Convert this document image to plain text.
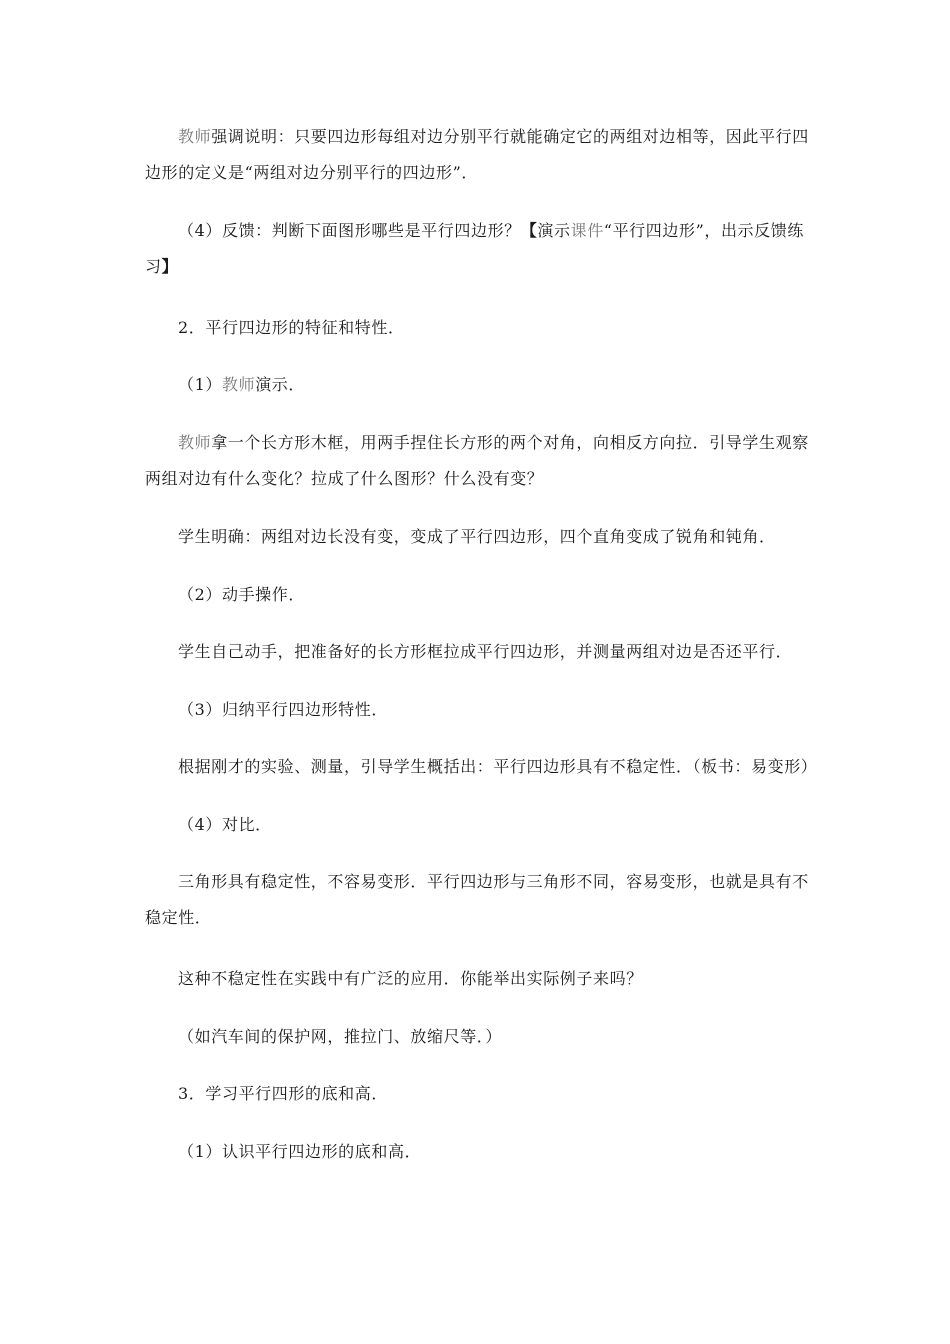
教师强调说明：只要四边形每组对边分别平行就能确定它的两组对边相等，因此平行四边形的定义是“两组对边分别平行的四边形”．

（4）反馈：判断下面图形哪些是平行四边形？【演示课件“平行四边形”，出示反馈练习】

2．平行四边形的特征和特性．

（1）教师演示．

教师拿一个长方形木框，用两手捏住长方形的两个对角，向相反方向拉．引导学生观察两组对边有什么变化？拉成了什么图形？什么没有变？

学生明确：两组对边长没有变，变成了平行四边形，四个直角变成了锐角和钝角．

（2）动手操作．

学生自己动手，把准备好的长方形框拉成平行四边形，并测量两组对边是否还平行．

（3）归纳平行四边形特性．

根据刚才的实验、测量，引导学生概括出：平行四边形具有不稳定性．（板书：易变形）

（4）对比．

三角形具有稳定性，不容易变形．平行四边形与三角形不同，容易变形，也就是具有不稳定性．

这种不稳定性在实践中有广泛的应用．你能举出实际例子来吗？

（如汽车间的保护网，推拉门、放缩尺等．）

3．学习平行四形的底和高．

（1）认识平行四边形的底和高．
